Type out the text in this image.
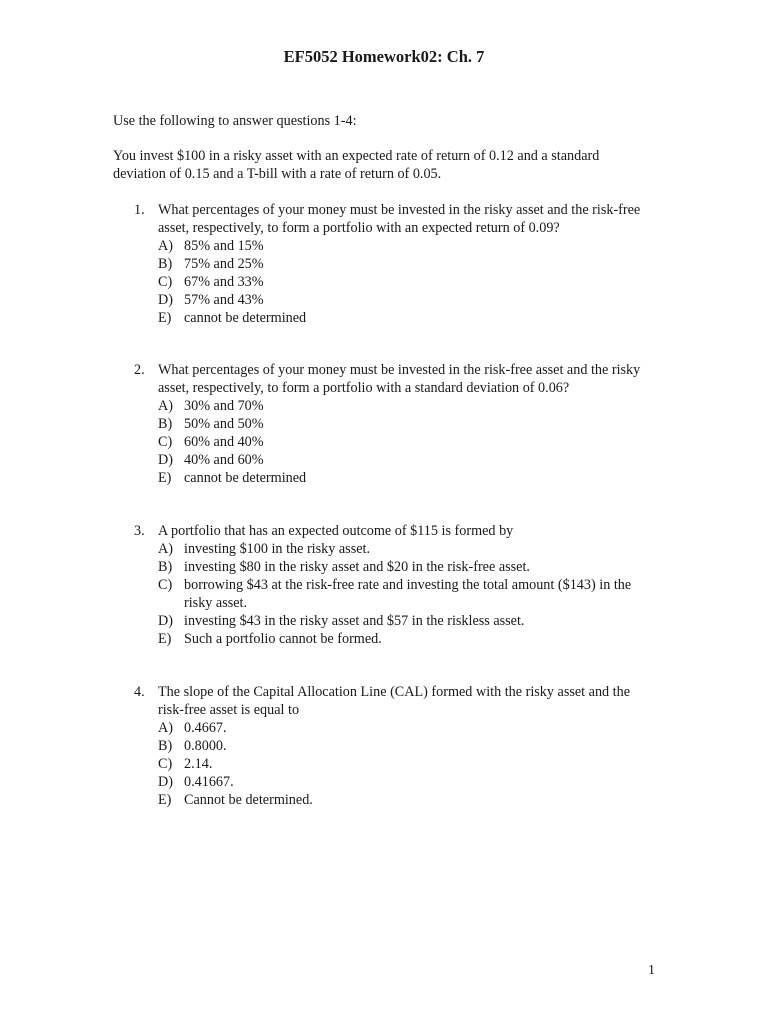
EF5052 Homework02: Ch. 7
Use the following to answer questions 1-4:
You invest $100 in a risky asset with an expected rate of return of 0.12 and a standard deviation of 0.15 and a T-bill with a rate of return of 0.05.
1. What percentages of your money must be invested in the risky asset and the risk-free asset, respectively, to form a portfolio with an expected return of 0.09?
A) 85% and 15%
B) 75% and 25%
C) 67% and 33%
D) 57% and 43%
E) cannot be determined
2. What percentages of your money must be invested in the risk-free asset and the risky asset, respectively, to form a portfolio with a standard deviation of 0.06?
A) 30% and 70%
B) 50% and 50%
C) 60% and 40%
D) 40% and 60%
E) cannot be determined
3. A portfolio that has an expected outcome of $115 is formed by
A) investing $100 in the risky asset.
B) investing $80 in the risky asset and $20 in the risk-free asset.
C) borrowing $43 at the risk-free rate and investing the total amount ($143) in the risky asset.
D) investing $43 in the risky asset and $57 in the riskless asset.
E) Such a portfolio cannot be formed.
4. The slope of the Capital Allocation Line (CAL) formed with the risky asset and the risk-free asset is equal to
A) 0.4667.
B) 0.8000.
C) 2.14.
D) 0.41667.
E) Cannot be determined.
1
